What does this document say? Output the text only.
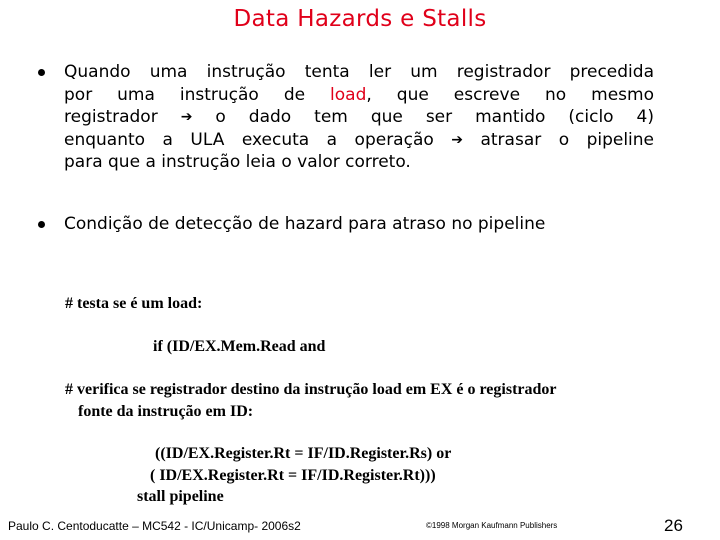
Data Hazards e Stalls
Quando uma instrução tenta ler um registrador precedida
por uma instrução de load, que escreve no mesmo
registrador ➔ o dado tem que ser mantido (ciclo 4)
enquanto a ULA executa a operação ➔ atrasar o pipeline
para que a instrução leia o valor correto.
Condição de detecção de hazard para atraso no pipeline
# testa se é um load:
if (ID/EX.Mem.Read and
# verifica se registrador destino da instrução load em EX é o registrador
fonte da instrução em ID:
((ID/EX.Register.Rt = IF/ID.Register.Rs) or
( ID/EX.Register.Rt = IF/ID.Register.Rt)))
stall pipeline
Paulo C. Centoducatte – MC542 - IC/Unicamp- 2006s2	©1998 Morgan Kaufmann Publishers	26
